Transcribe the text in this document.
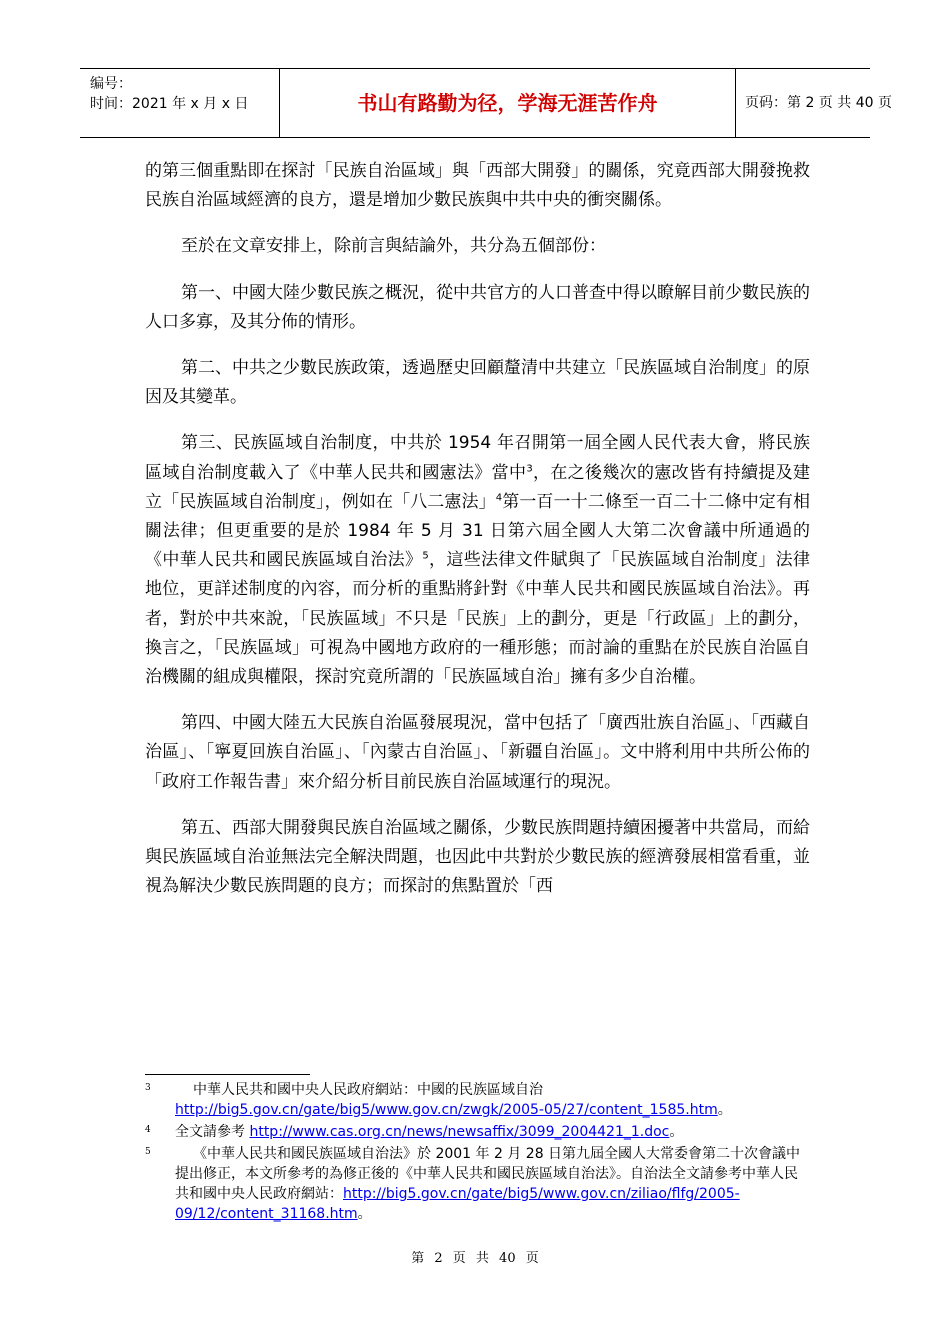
编号：
时间：2021 年 x 月 x 日	书山有路勤为径，学海无涯苦作舟	页码：第 2 页 共 40 页

的第三個重點即在探討「民族自治區域」與「西部大開發」的關係，究竟西部大開發挽救民族自治區域經濟的良方，還是增加少數民族與中共中央的衝突關係。

至於在文章安排上，除前言與結論外，共分為五個部份：

第一、中國大陸少數民族之概況，從中共官方的人口普查中得以瞭解目前少數民族的人口多寡，及其分佈的情形。

第二、中共之少數民族政策，透過歷史回顧釐清中共建立「民族區域自治制度」的原因及其變革。

第三、民族區域自治制度，中共於 1954 年召開第一屆全國人民代表大會，將民族區域自治制度載入了《中華人民共和國憲法》當中$^3$，在之後幾次的憲改皆有持續提及建立「民族區域自治制度」，例如在「八二憲法」$^4$第一百一十二條至一百二十二條中定有相關法律；但更重要的是於 1984 年 5 月 31 日第六屆全國人大第二次會議中所通過的《中華人民共和國民族區域自治法》$^5$，這些法律文件賦與了「民族區域自治制度」法律地位，更詳述制度的內容，而分析的重點將針對《中華人民共和國民族區域自治法》。再者，對於中共來說，「民族區域」不只是「民族」上的劃分，更是「行政區」上的劃分，換言之，「民族區域」可視為中國地方政府的一種形態；而討論的重點在於民族自治區自治機關的組成與權限，探討究竟所謂的「民族區域自治」擁有多少自治權。

第四、中國大陸五大民族自治區發展現況，當中包括了「廣西壯族自治區」、「西藏自治區」、「寧夏回族自治區」、「內蒙古自治區」、「新疆自治區」。文中將利用中共所公佈的「政府工作報告書」來介紹分析目前民族自治區域運行的現況。

第五、西部大開發與民族自治區域之關係，少數民族問題持續困擾著中共當局，而給與民族區域自治並無法完全解決問題，也因此中共對於少數民族的經濟發展相當看重，並視為解決少數民族問題的良方；而探討的焦點置於「西

3	中華人民共和國中央人民政府網站：中國的民族區域自治http://big5.gov.cn/gate/big5/www.gov.cn/zwgk/2005-05/27/content_1585.htm。
4 全文請參考 http://www.cas.org.cn/news/newsaffix/3099_2004421_1.doc。
5	《中華人民共和國民族區域自治法》於 2001 年 2 月 28 日第九屆全國人大常委會第二十次會議中提出修正，本文所參考的為修正後的《中華人民共和國民族區域自治法》。自治法全文請參考中華人民共和國中央人民政府網站：http://big5.gov.cn/gate/big5/www.gov.cn/ziliao/flfg/2005-09/12/content_31168.htm。
第 2 页 共 40 页
